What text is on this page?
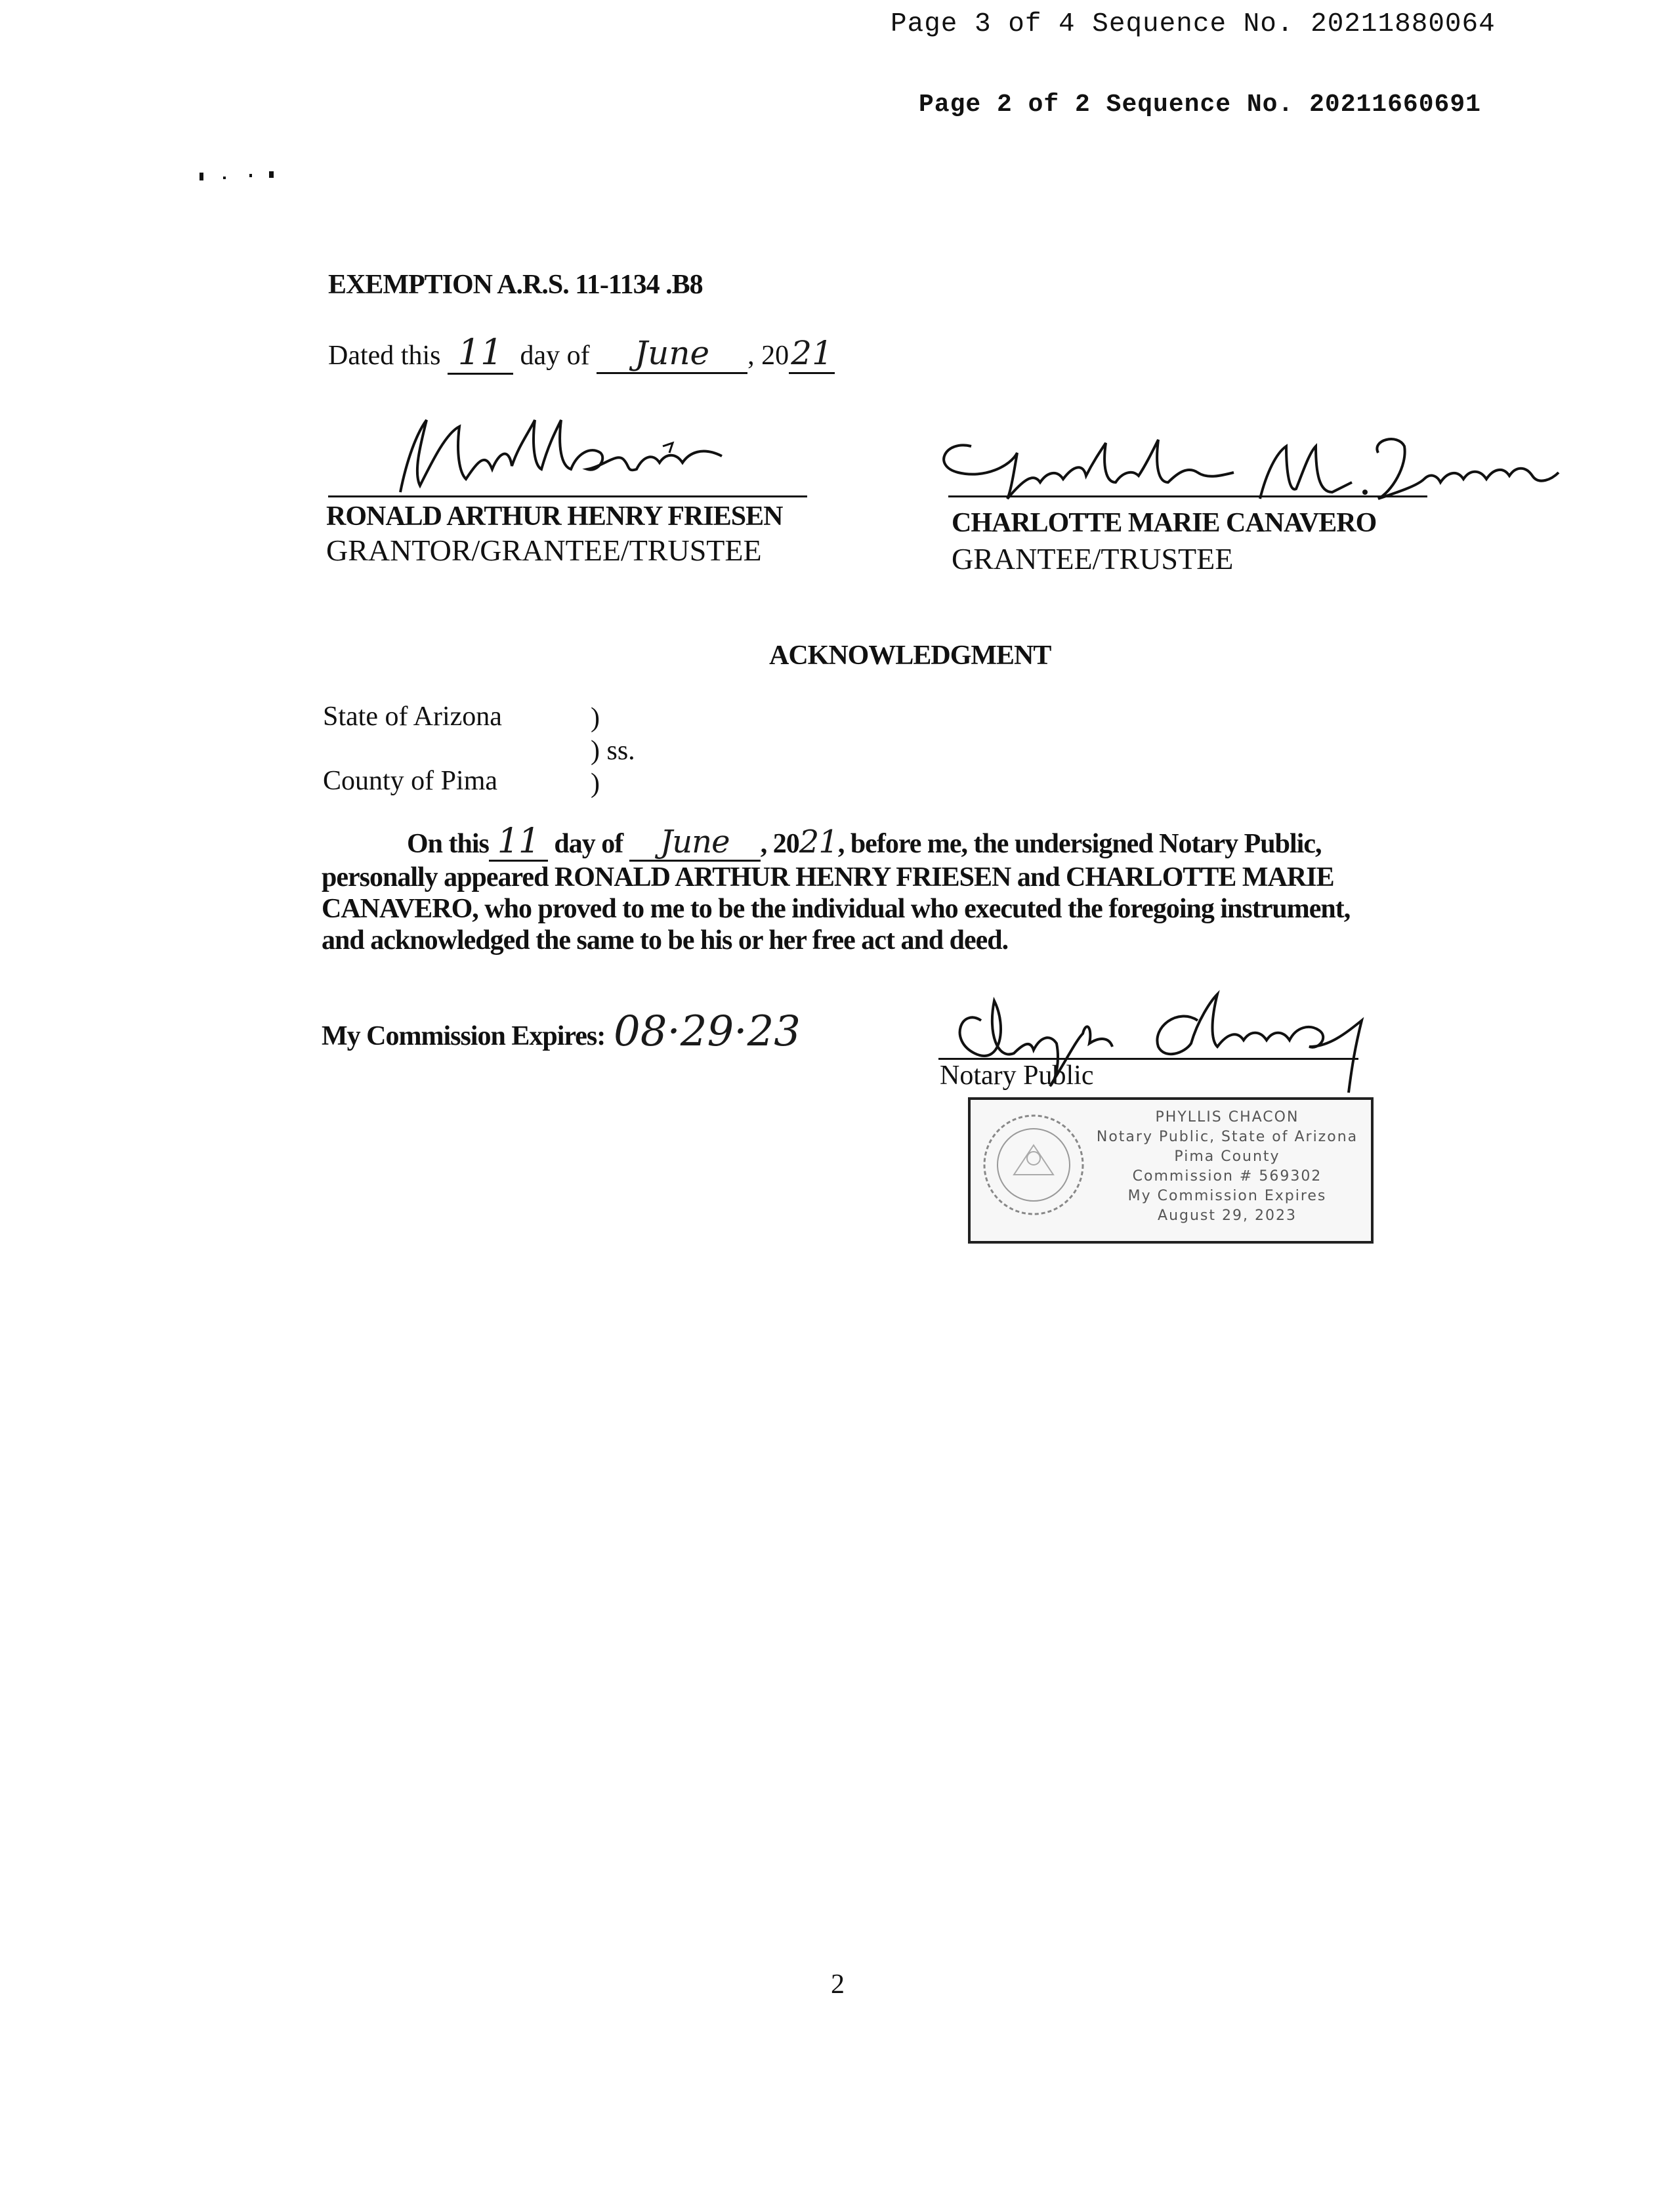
Page 3 of 4 Sequence No. 20211880064
Page 2 of 2 Sequence No. 20211660691
EXEMPTION A.R.S. 11-1134 .B8
Dated this 11 day of June , 2021
RONALD ARTHUR HENRY FRIESEN
GRANTOR/GRANTEE/TRUSTEE
CHARLOTTE MARIE CANAVERO
GRANTEE/TRUSTEE
ACKNOWLEDGMENT
State of Arizona
County of Pima
)
) ss.
)
On this 11 day of June , 2021, before me, the undersigned Notary Public,
personally appeared RONALD ARTHUR HENRY FRIESEN and CHARLOTTE MARIE
CANAVERO, who proved to me to be the individual who executed the foregoing instrument,
and acknowledged the same to be his or her free act and deed.
My Commission Expires: 08·29·23
Notary Public
PHYLLIS CHACON
Notary Public, State of Arizona
Pima County
Commission # 569302
My Commission Expires
August 29, 2023
2
